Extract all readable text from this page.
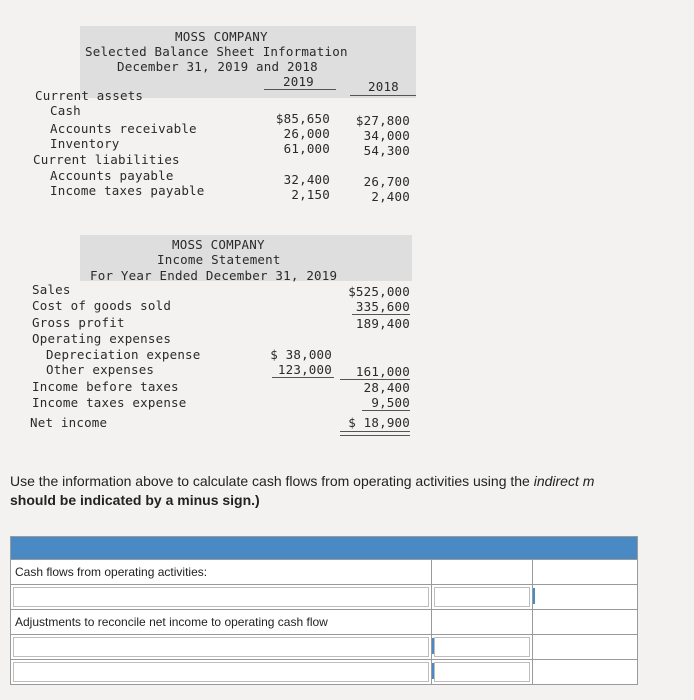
MOSS COMPANY
Selected Balance Sheet Information
December 31, 2019 and 2018
2019	2018
Current assets
Cash
Accounts receivable
Inventory
Current liabilities
Accounts payable
Income taxes payable
$85,650
26,000
61,000
32,400
2,150
$27,800
34,000
54,300
26,700
2,400
MOSS COMPANY
Income Statement
For Year Ended December 31, 2019
Sales
Cost of goods sold
Gross profit
Operating expenses
Depreciation expense
Other expenses
Income before taxes
Income taxes expense
Net income
$ 38,000
123,000
$525,000
335,600
189,400
161,000
28,400
9,500
$ 18,900
Use the information above to calculate cash flows from operating activities using the indirect m
should be indicated by a minus sign.)
Cash flows from operating activities:
Adjustments to reconcile net income to operating cash flow
